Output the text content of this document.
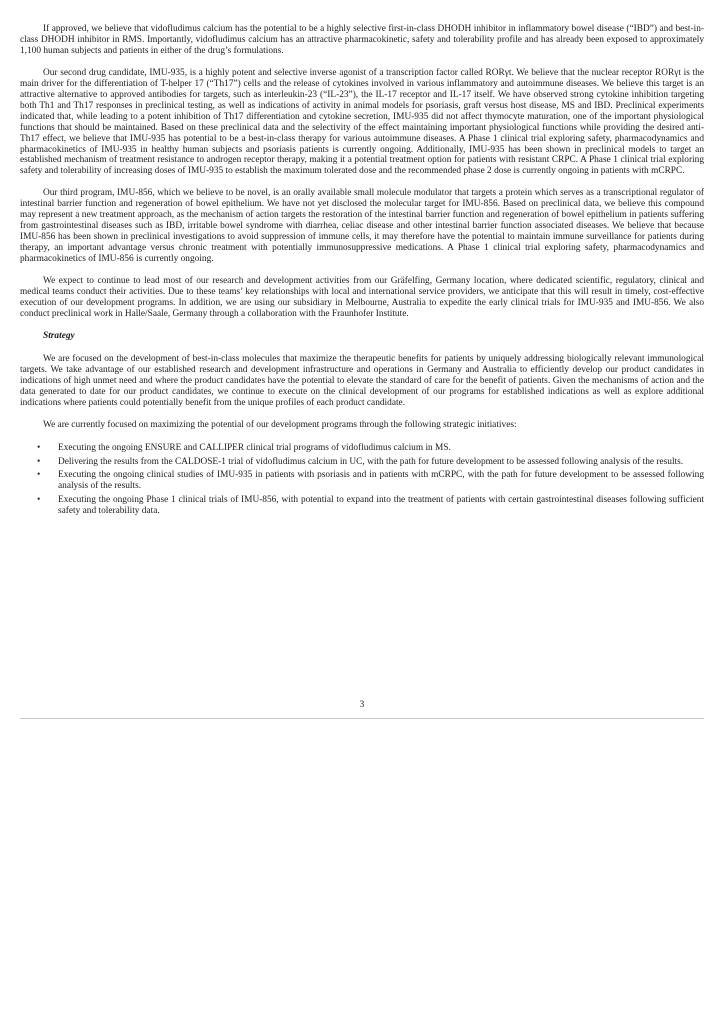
If approved, we believe that vidofludimus calcium has the potential to be a highly selective first-in-class DHODH inhibitor in inflammatory bowel disease (“IBD”) and best-in-class DHODH inhibitor in RMS. Importantly, vidofludimus calcium has an attractive pharmacokinetic, safety and tolerability profile and has already been exposed to approximately 1,100 human subjects and patients in either of the drug’s formulations.

Our second drug candidate, IMU-935, is a highly potent and selective inverse agonist of a transcription factor called RORγt. We believe that the nuclear receptor RORγt is the main driver for the differentiation of T-helper 17 (“Th17”) cells and the release of cytokines involved in various inflammatory and autoimmune diseases. We believe this target is an attractive alternative to approved antibodies for targets, such as interleukin-23 (“IL-23”), the IL-17 receptor and IL-17 itself. We have observed strong cytokine inhibition targeting both Th1 and Th17 responses in preclinical testing, as well as indications of activity in animal models for psoriasis, graft versus host disease, MS and IBD. Preclinical experiments indicated that, while leading to a potent inhibition of Th17 differentiation and cytokine secretion, IMU-935 did not affect thymocyte maturation, one of the important physiological functions that should be maintained. Based on these preclinical data and the selectivity of the effect maintaining important physiological functions while providing the desired anti-Th17 effect, we believe that IMU-935 has potential to be a best-in-class therapy for various autoimmune diseases. A Phase 1 clinical trial exploring safety, pharmacodynamics and pharmacokinetics of IMU-935 in healthy human subjects and psoriasis patients is currently ongoing. Additionally, IMU-935 has been shown in preclinical models to target an established mechanism of treatment resistance to androgen receptor therapy, making it a potential treatment option for patients with resistant CRPC. A Phase 1 clinical trial exploring safety and tolerability of increasing doses of IMU-935 to establish the maximum tolerated dose and the recommended phase 2 dose is currently ongoing in patients with mCRPC.

Our third program, IMU-856, which we believe to be novel, is an orally available small molecule modulator that targets a protein which serves as a transcriptional regulator of intestinal barrier function and regeneration of bowel epithelium. We have not yet disclosed the molecular target for IMU-856. Based on preclinical data, we believe this compound may represent a new treatment approach, as the mechanism of action targets the restoration of the intestinal barrier function and regeneration of bowel epithelium in patients suffering from gastrointestinal diseases such as IBD, irritable bowel syndrome with diarrhea, celiac disease and other intestinal barrier function associated diseases. We believe that because IMU-856 has been shown in preclinical investigations to avoid suppression of immune cells, it may therefore have the potential to maintain immune surveillance for patients during therapy, an important advantage versus chronic treatment with potentially immunosuppressive medications. A Phase 1 clinical trial exploring safety, pharmacodynamics and pharmacokinetics of IMU-856 is currently ongoing.

We expect to continue to lead most of our research and development activities from our Gräfelfing, Germany location, where dedicated scientific, regulatory, clinical and medical teams conduct their activities. Due to these teams’ key relationships with local and international service providers, we anticipate that this will result in timely, cost-effective execution of our development programs. In addition, we are using our subsidiary in Melbourne, Australia to expedite the early clinical trials for IMU-935 and IMU-856. We also conduct preclinical work in Halle/Saale, Germany through a collaboration with the Fraunhofer Institute.

Strategy

We are focused on the development of best-in-class molecules that maximize the therapeutic benefits for patients by uniquely addressing biologically relevant immunological targets. We take advantage of our established research and development infrastructure and operations in Germany and Australia to efficiently develop our product candidates in indications of high unmet need and where the product candidates have the potential to elevate the standard of care for the benefit of patients. Given the mechanisms of action and the data generated to date for our product candidates, we continue to execute on the clinical development of our programs for established indications as well as explore additional indications where patients could potentially benefit from the unique profiles of each product candidate.

We are currently focused on maximizing the potential of our development programs through the following strategic initiatives:

• Executing the ongoing ENSURE and CALLIPER clinical trial programs of vidofludimus calcium in MS.
• Delivering the results from the CALDOSE-1 trial of vidofludimus calcium in UC, with the path for future development to be assessed following analysis of the results.
• Executing the ongoing clinical studies of IMU-935 in patients with psoriasis and in patients with mCRPC, with the path for future development to be assessed following analysis of the results.
• Executing the ongoing Phase 1 clinical trials of IMU-856, with potential to expand into the treatment of patients with certain gastrointestinal diseases following sufficient safety and tolerability data.
3
